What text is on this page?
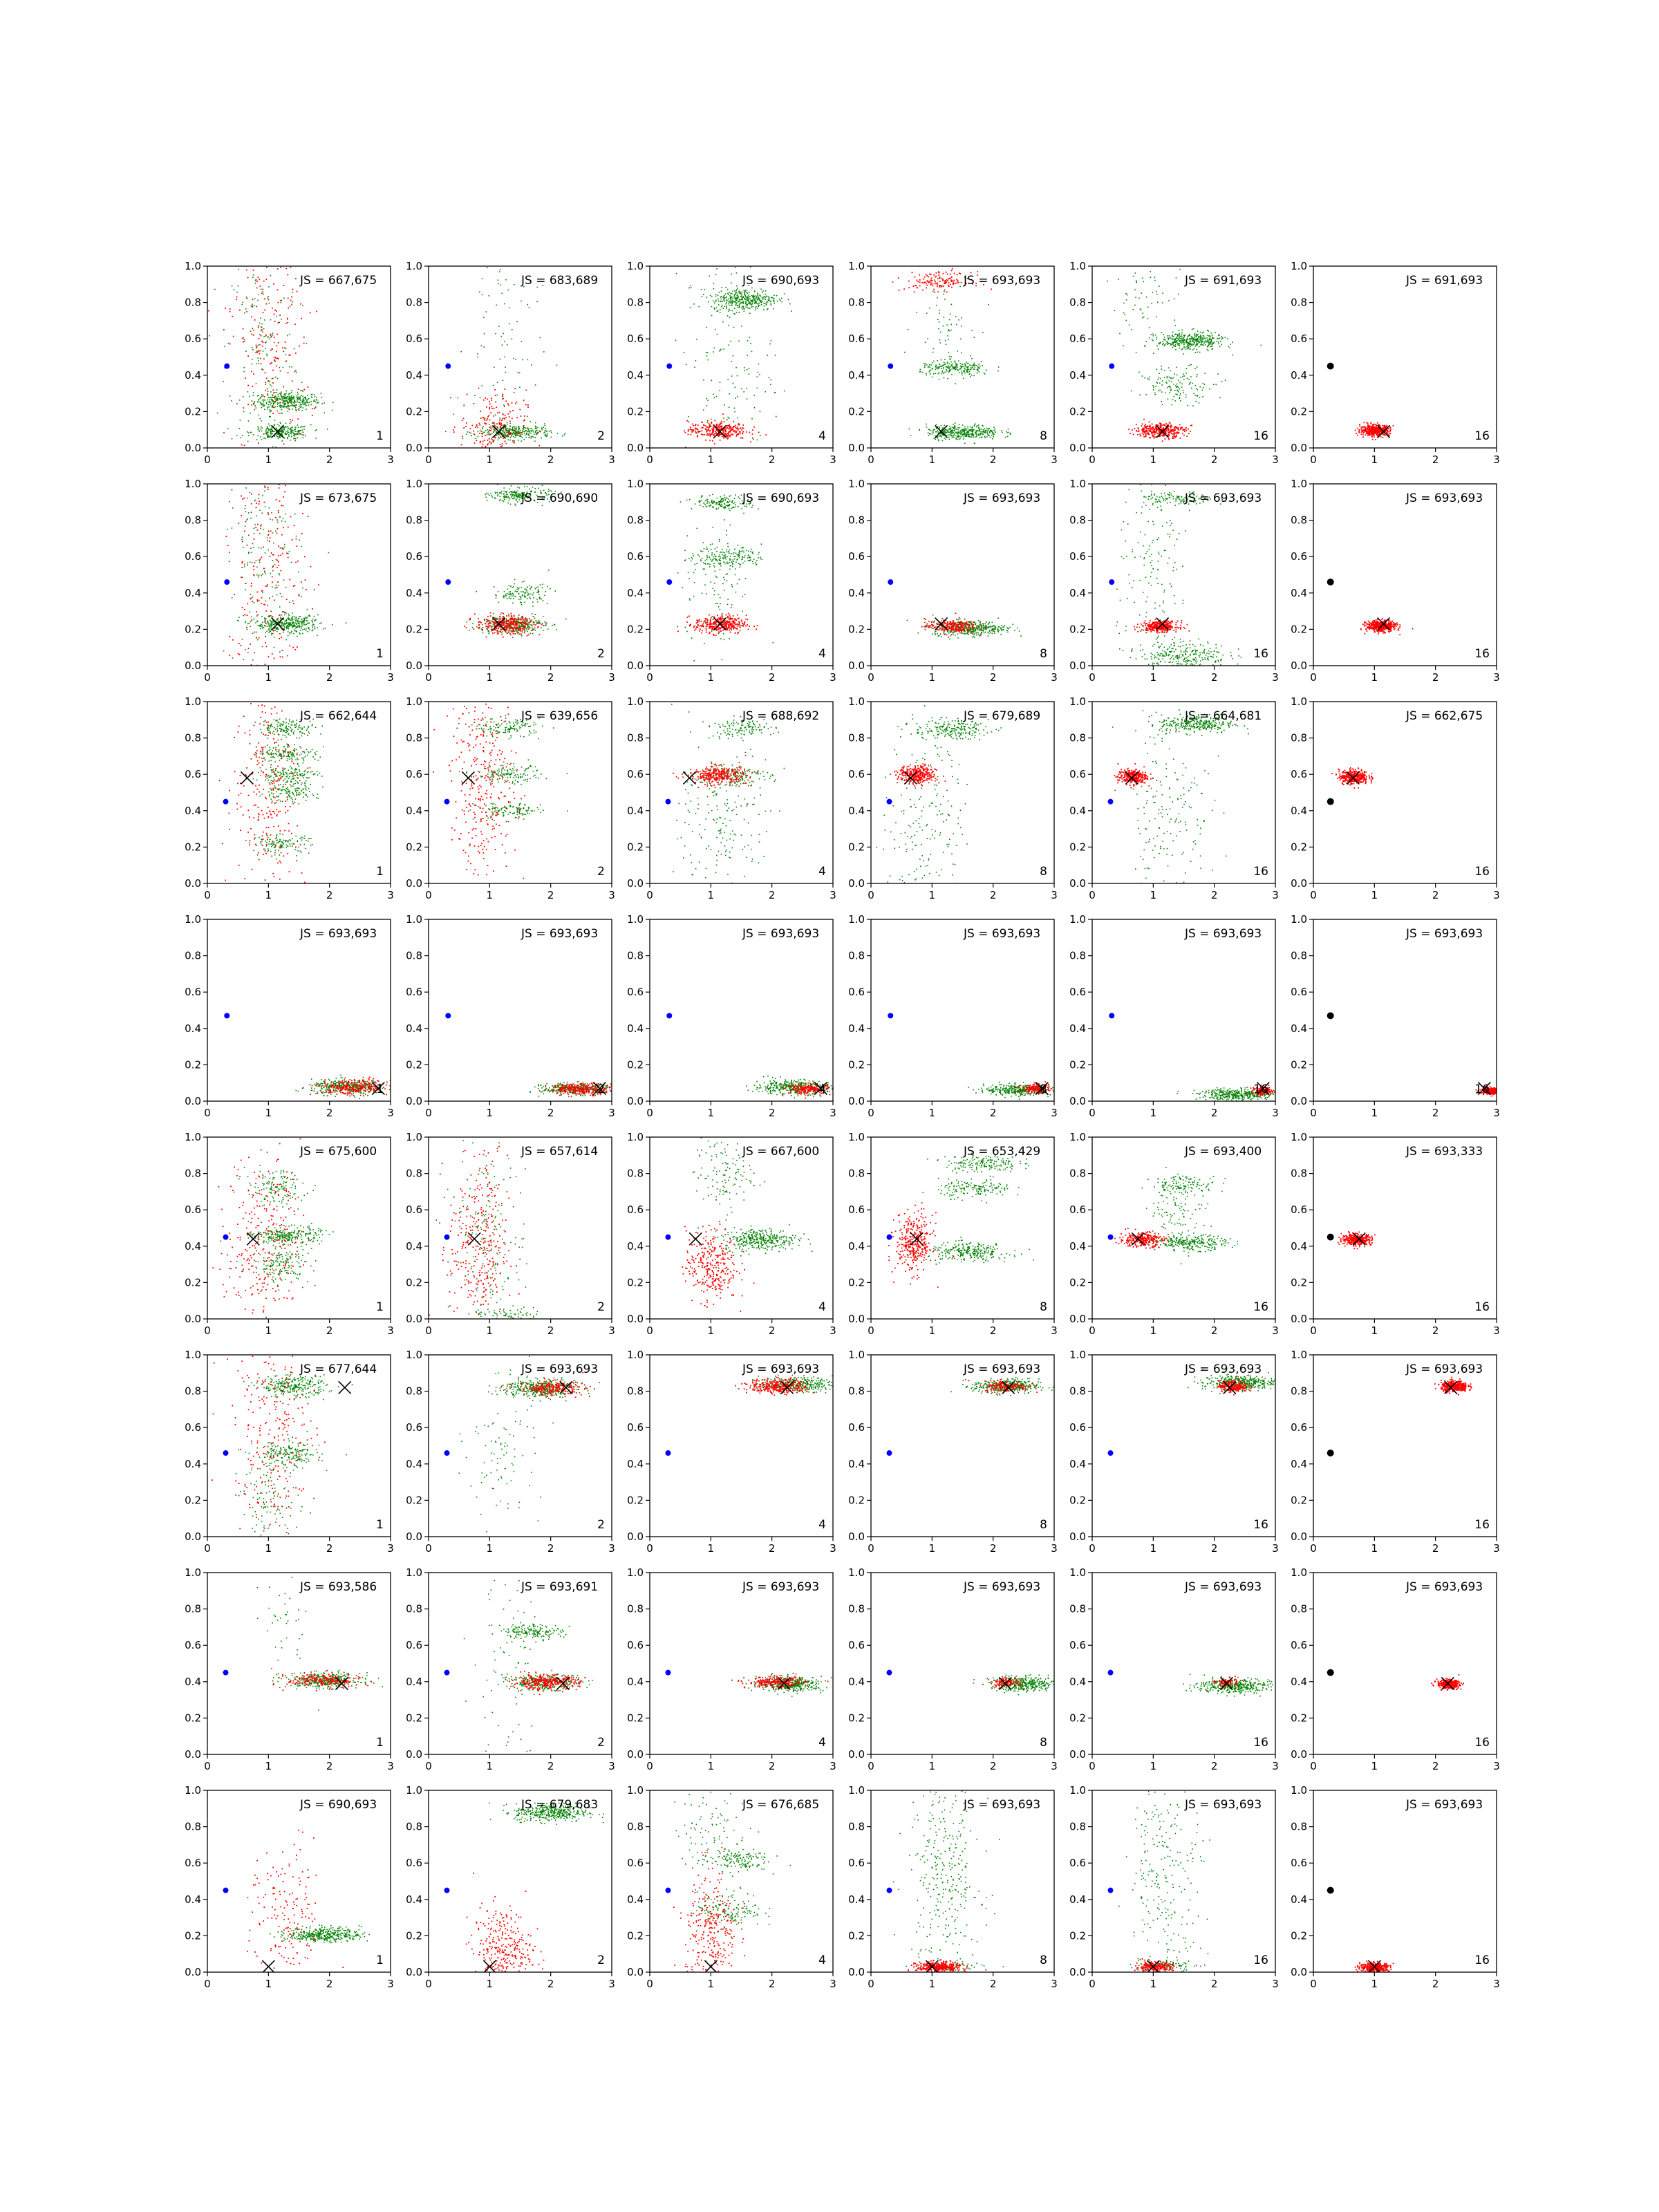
0	1	2	3
0.0
0.2
0.4
0.6
0.8
1.0
JS = 667,675
1
0	1	2	3
0.0
0.2
0.4
0.6
0.8
1.0
JS = 683,689
2
0	1	2	3
0.0
0.2
0.4
0.6
0.8
1.0
JS = 690,693
4
0	1	2	3
0.0
0.2
0.4
0.6
0.8
1.0
JS = 693,693
8
0	1	2	3
0.0
0.2
0.4
0.6
0.8
1.0
JS = 691,693
16
0	1	2	3
0.0
0.2
0.4
0.6
0.8
1.0
JS = 691,693
16
0	1	2	3
0.0
0.2
0.4
0.6
0.8
1.0
JS = 673,675
1
0	1	2	3
0.0
0.2
0.4
0.6
0.8
1.0
JS = 690,690
2
0	1	2	3
0.0
0.2
0.4
0.6
0.8
1.0
JS = 690,693
4
0	1	2	3
0.0
0.2
0.4
0.6
0.8
1.0
JS = 693,693
8
0	1	2	3
0.0
0.2
0.4
0.6
0.8
1.0
JS = 693,693
16
0	1	2	3
0.0
0.2
0.4
0.6
0.8
1.0
JS = 693,693
16
0	1	2	3
0.0
0.2
0.4
0.6
0.8
1.0
JS = 662,644
1
0	1	2	3
0.0
0.2
0.4
0.6
0.8
1.0
JS = 639,656
2
0	1	2	3
0.0
0.2
0.4
0.6
0.8
1.0
JS = 688,692
4
0	1	2	3
0.0
0.2
0.4
0.6
0.8
1.0
JS = 679,689
8
0	1	2	3
0.0
0.2
0.4
0.6
0.8
1.0
JS = 664,681
16
0	1	2	3
0.0
0.2
0.4
0.6
0.8
1.0
JS = 662,675
16
0	1	2	3
0.0
0.2
0.4
0.6
0.8
1.0
JS = 693,693
1
0	1	2	3
0.0
0.2
0.4
0.6
0.8
1.0
JS = 693,693
2
0	1	2	3
0.0
0.2
0.4
0.6
0.8
1.0
JS = 693,693
4
0	1	2	3
0.0
0.2
0.4
0.6
0.8
1.0
JS = 693,693
8
0	1	2	3
0.0
0.2
0.4
0.6
0.8
1.0
JS = 693,693
16
0	1	2	3
0.0
0.2
0.4
0.6
0.8
1.0
JS = 693,693
16
0	1	2	3
0.0
0.2
0.4
0.6
0.8
1.0
JS = 675,600
1
0	1	2	3
0.0
0.2
0.4
0.6
0.8
1.0
JS = 657,614
2
0	1	2	3
0.0
0.2
0.4
0.6
0.8
1.0
JS = 667,600
4
0	1	2	3
0.0
0.2
0.4
0.6
0.8
1.0
JS = 653,429
8
0	1	2	3
0.0
0.2
0.4
0.6
0.8
1.0
JS = 693,400
16
0	1	2	3
0.0
0.2
0.4
0.6
0.8
1.0
JS = 693,333
16
0	1	2	3
0.0
0.2
0.4
0.6
0.8
1.0
JS = 677,644
1
0	1	2	3
0.0
0.2
0.4
0.6
0.8
1.0
JS = 693,693
2
0	1	2	3
0.0
0.2
0.4
0.6
0.8
1.0
JS = 693,693
4
0	1	2	3
0.0
0.2
0.4
0.6
0.8
1.0
JS = 693,693
8
0	1	2	3
0.0
0.2
0.4
0.6
0.8
1.0
JS = 693,693
16
0	1	2	3
0.0
0.2
0.4
0.6
0.8
1.0
JS = 693,693
16
0	1	2	3
0.0
0.2
0.4
0.6
0.8
1.0
JS = 693,586
1
0	1	2	3
0.0
0.2
0.4
0.6
0.8
1.0
JS = 693,691
2
0	1	2	3
0.0
0.2
0.4
0.6
0.8
1.0
JS = 693,693
4
0	1	2	3
0.0
0.2
0.4
0.6
0.8
1.0
JS = 693,693
8
0	1	2	3
0.0
0.2
0.4
0.6
0.8
1.0
JS = 693,693
16
0	1	2	3
0.0
0.2
0.4
0.6
0.8
1.0
JS = 693,693
16
0	1	2	3
0.0
0.2
0.4
0.6
0.8
1.0
JS = 690,693
1
0	1	2	3
0.0
0.2
0.4
0.6
0.8
1.0
JS = 679,683
2
0	1	2	3
0.0
0.2
0.4
0.6
0.8
1.0
JS = 676,685
4
0	1	2	3
0.0
0.2
0.4
0.6
0.8
1.0
JS = 693,693
8
0	1	2	3
0.0
0.2
0.4
0.6
0.8
1.0
JS = 693,693
16
0	1	2	3
0.0
0.2
0.4
0.6
0.8
1.0
JS = 693,693
16
